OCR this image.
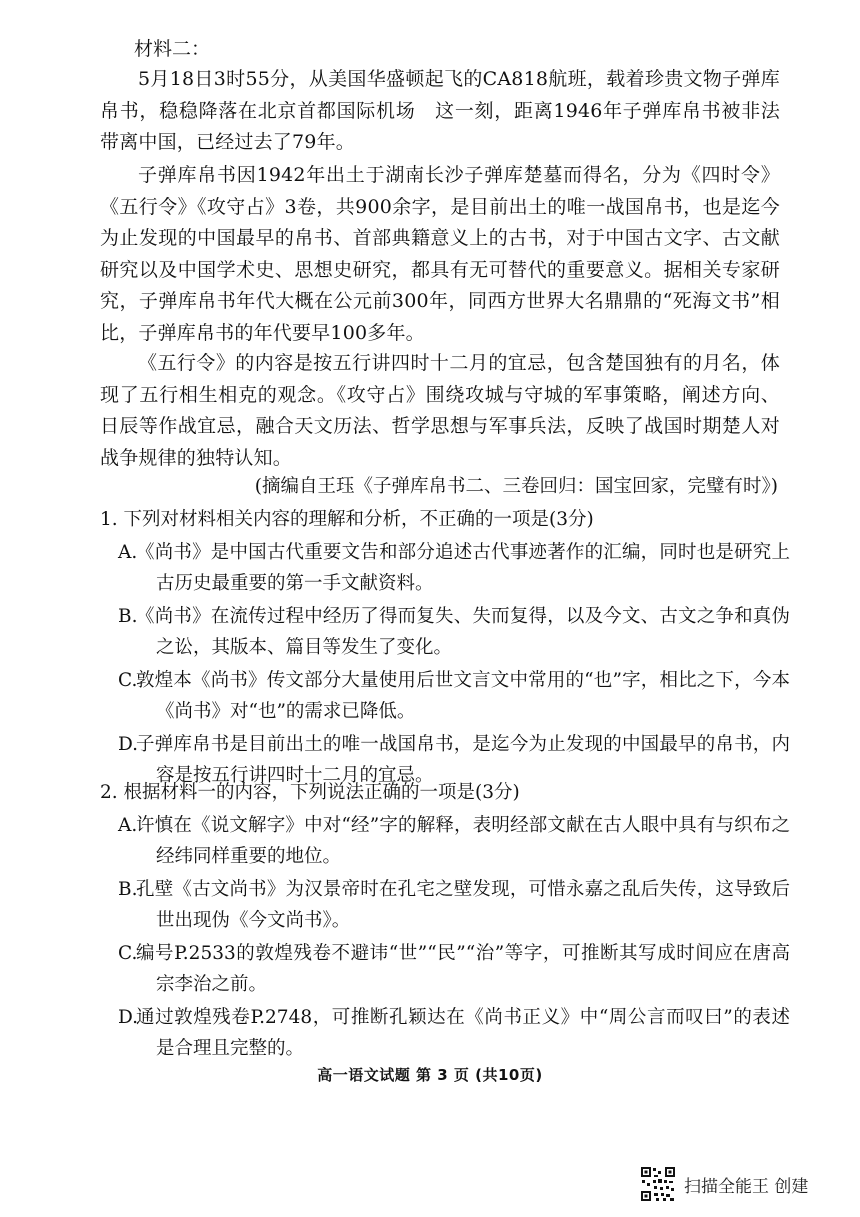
材料二：

5月18日3时55分，从美国华盛顿起飞的CA818航班，载着珍贵文物子弹库帛书，稳稳降落在北京首都国际机场　这一刻，距离1946年子弹库帛书被非法带离中国，已经过去了79年。

子弹库帛书因1942年出土于湖南长沙子弹库楚墓而得名，分为《四时令》《五行令》《攻守占》3卷，共900余字，是目前出土的唯一战国帛书，也是迄今为止发现的中国最早的帛书、首部典籍意义上的古书，对于中国古文字、古文献研究以及中国学术史、思想史研究，都具有无可替代的重要意义。据相关专家研究，子弹库帛书年代大概在公元前300年，同西方世界大名鼎鼎的“死海文书”相比，子弹库帛书的年代要早100多年。

《五行令》的内容是按五行讲四时十二月的宜忌，包含楚国独有的月名，体现了五行相生相克的观念。《攻守占》围绕攻城与守城的军事策略，阐述方向、日辰等作战宜忌，融合天文历法、哲学思想与军事兵法，反映了战国时期楚人对战争规律的独特认知。

(摘编自王珏《子弹库帛书二、三卷回归：国宝回家，完璧有时》)

1. 下列对材料相关内容的理解和分析，不正确的一项是(3分)

A.
《尚书》是中国古代重要文告和部分追述古代事迹著作的汇编，同时也是研究上古历史最重要的第一手文献资料。
B.
《尚书》在流传过程中经历了得而复失、失而复得，以及今文、古文之争和真伪之讼，其版本、篇目等发生了变化。
C.
敦煌本《尚书》传文部分大量使用后世文言文中常用的“也”字，相比之下，今本《尚书》对“也”的需求已降低。
D.
子弹库帛书是目前出土的唯一战国帛书，是迄今为止发现的中国最早的帛书，内容是按五行讲四时十二月的宜忌。

2. 根据材料一的内容，下列说法正确的一项是(3分)

A.
许慎在《说文解字》中对“经”字的解释，表明经部文献在古人眼中具有与织布之经纬同样重要的地位。
B.
孔壁《古文尚书》为汉景帝时在孔宅之壁发现，可惜永嘉之乱后失传，这导致后世出现伪《今文尚书》。
C.
编号P.2533的敦煌残卷不避讳“世”“民”“治”等字，可推断其写成时间应在唐高宗李治之前。
D.
通过敦煌残卷P.2748，可推断孔颖达在《尚书正义》中“周公言而叹曰”的表述是合理且完整的。
高一语文试题 第 3 页 (共10页)
扫描全能王 创建
